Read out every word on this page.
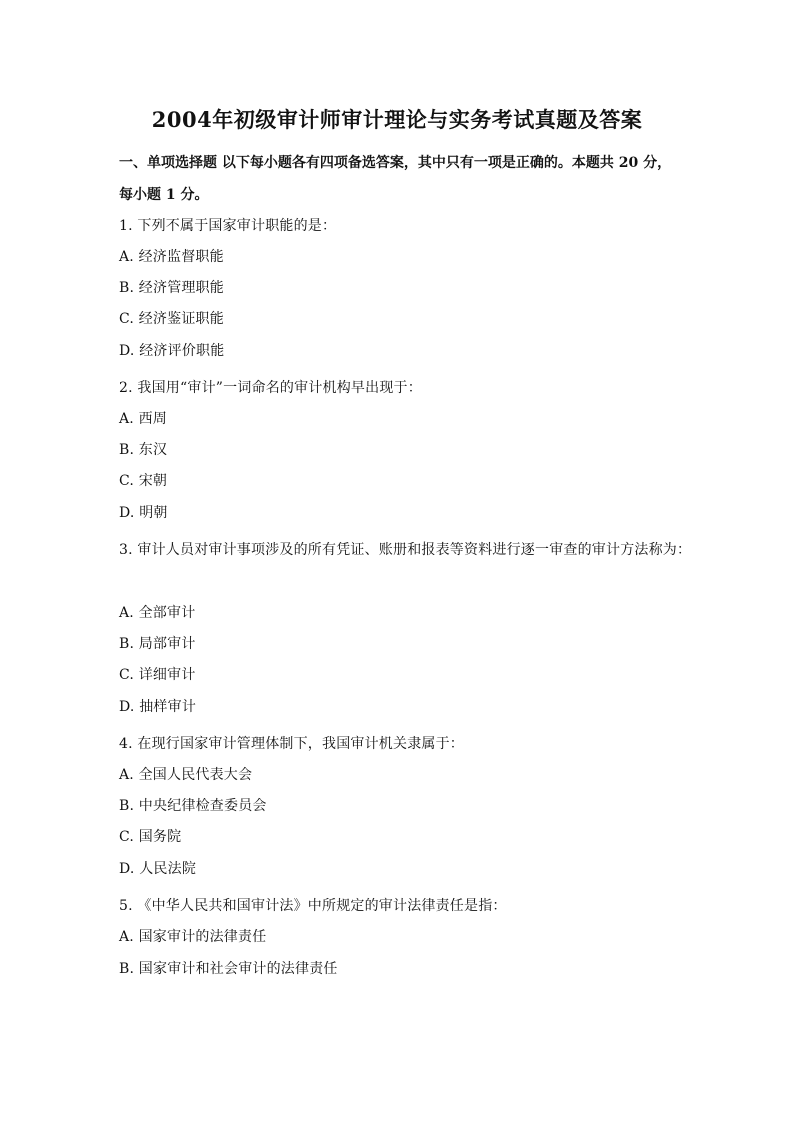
2004年初级审计师审计理论与实务考试真题及答案
一、单项选择题 以下每小题各有四项备选答案，其中只有一项是正确的。本题共 20 分，
每小题 1 分。
1. 下列不属于国家审计职能的是：
A. 经济监督职能
B. 经济管理职能
C. 经济鉴证职能
D. 经济评价职能
2. 我国用“审计”一词命名的审计机构早出现于：
A. 西周
B. 东汉
C. 宋朝
D. 明朝
3. 审计人员对审计事项涉及的所有凭证、账册和报表等资料进行逐一审查的审计方法称为：
A. 全部审计
B. 局部审计
C. 详细审计
D. 抽样审计
4. 在现行国家审计管理体制下，我国审计机关隶属于：
A. 全国人民代表大会
B. 中央纪律检查委员会
C. 国务院
D. 人民法院
5. 《中华人民共和国审计法》中所规定的审计法律责任是指：
A. 国家审计的法律责任
B. 国家审计和社会审计的法律责任
